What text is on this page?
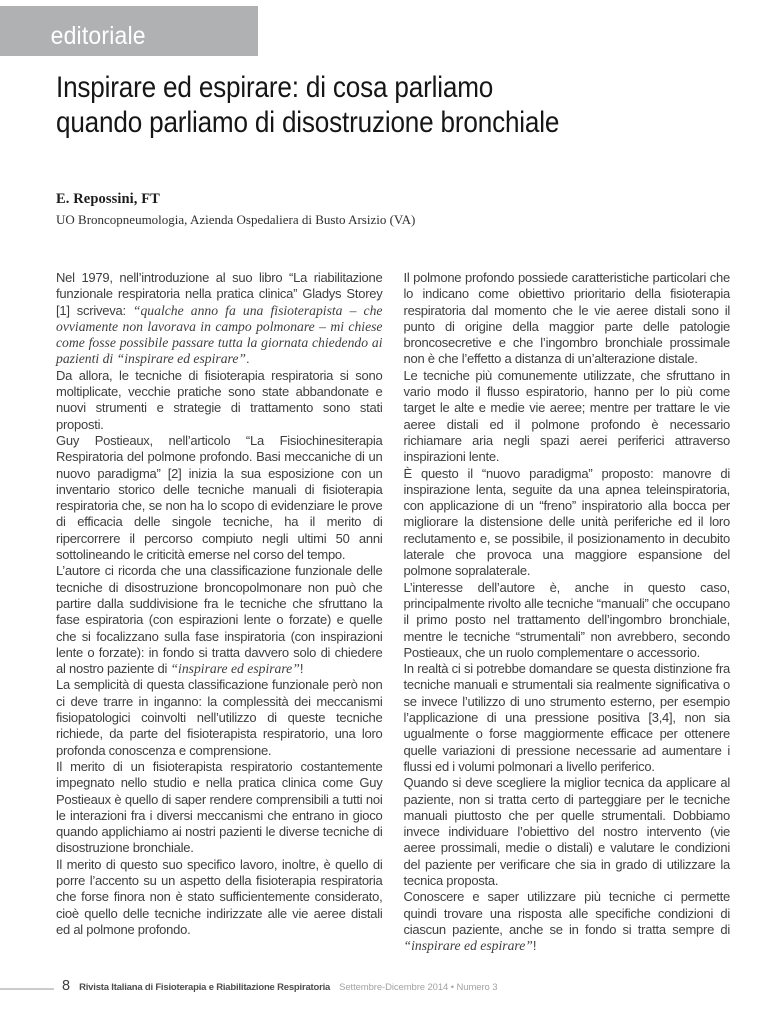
editoriale
Inspirare ed espirare: di cosa parliamo
quando parliamo di disostruzione bronchiale
E. Repossini, FT
UO Broncopneumologia, Azienda Ospedaliera di Busto Arsizio (VA)

Nel 1979, nell’introduzione al suo libro “La riabilitazione funzionale respiratoria nella pratica clinica” Gladys Storey [1] scriveva: “qualche anno fa una fisioterapista – che ovviamente non lavorava in campo polmonare – mi chiese come fosse possibile passare tutta la giornata chiedendo ai pazienti di “inspirare ed espirare”.

Da allora, le tecniche di fisioterapia respiratoria si sono moltiplicate, vecchie pratiche sono state abbandonate e nuovi strumenti e strategie di trattamento sono stati proposti.

Guy Postieaux, nell’articolo “La Fisiochinesiterapia Respiratoria del polmone profondo. Basi meccaniche di un nuovo paradigma” [2] inizia la sua esposizione con un inventario storico delle tecniche manuali di fisioterapia respiratoria che, se non ha lo scopo di evidenziare le prove di efficacia delle singole tecniche, ha il merito di ripercorrere il percorso compiuto negli ultimi 50 anni sottolineando le criticità emerse nel corso del tempo.

L’autore ci ricorda che una classificazione funzionale delle tecniche di disostruzione broncopolmonare non può che partire dalla suddivisione fra le tecniche che sfruttano la fase espiratoria (con espirazioni lente o forzate) e quelle che si focalizzano sulla fase inspiratoria (con inspirazioni lente o forzate): in fondo si tratta davvero solo di chiedere al nostro paziente di “inspirare ed espirare”!

La semplicità di questa classificazione funzionale però non ci deve trarre in inganno: la complessità dei meccanismi fisiopatologici coinvolti nell’utilizzo di queste tecniche richiede, da parte del fisioterapista respiratorio, una loro profonda conoscenza e comprensione.

Il merito di un fisioterapista respiratorio costantemente impegnato nello studio e nella pratica clinica come Guy Postieaux è quello di saper rendere comprensibili a tutti noi le interazioni fra i diversi meccanismi che entrano in gioco quando applichiamo ai nostri pazienti le diverse tecniche di disostruzione bronchiale.

Il merito di questo suo specifico lavoro, inoltre, è quello di porre l’accento su un aspetto della fisioterapia respiratoria che forse finora non è stato sufficientemente considerato, cioè quello delle tecniche indirizzate alle vie aeree distali ed al polmone profondo.

Il polmone profondo possiede caratteristiche particolari che lo indicano come obiettivo prioritario della fisioterapia respiratoria dal momento che le vie aeree distali sono il punto di origine della maggior parte delle patologie broncosecretive e che l’ingombro bronchiale prossimale non è che l’effetto a distanza di un’alterazione distale.

Le tecniche più comunemente utilizzate, che sfruttano in vario modo il flusso espiratorio, hanno per lo più come target le alte e medie vie aeree; mentre per trattare le vie aeree distali ed il polmone profondo è necessario richiamare aria negli spazi aerei periferici attraverso inspirazioni lente.

È questo il “nuovo paradigma” proposto: manovre di inspirazione lenta, seguite da una apnea teleinspiratoria, con applicazione di un “freno” inspiratorio alla bocca per migliorare la distensione delle unità periferiche ed il loro reclutamento e, se possibile, il posizionamento in decubito laterale che provoca una maggiore espansione del polmone sopralaterale.

L’interesse dell’autore è, anche in questo caso, principalmente rivolto alle tecniche “manuali” che occupano il primo posto nel trattamento dell’ingombro bronchiale, mentre le tecniche “strumentali” non avrebbero, secondo Postieaux, che un ruolo complementare o accessorio.

In realtà ci si potrebbe domandare se questa distinzione fra tecniche manuali e strumentali sia realmente significativa o se invece l’utilizzo di uno strumento esterno, per esempio l’applicazione di una pressione positiva [3,4], non sia ugualmente o forse maggiormente efficace per ottenere quelle variazioni di pressione necessarie ad aumentare i flussi ed i volumi polmonari a livello periferico.

Quando si deve scegliere la miglior tecnica da applicare al paziente, non si tratta certo di parteggiare per le tecniche manuali piuttosto che per quelle strumentali. Dobbiamo invece individuare l’obiettivo del nostro intervento (vie aeree prossimali, medie o distali) e valutare le condizioni del paziente per verificare che sia in grado di utilizzare la tecnica proposta.

Conoscere e saper utilizzare più tecniche ci permette quindi trovare una risposta alle specifiche condizioni di ciascun paziente, anche se in fondo si tratta sempre di “inspirare ed espirare”!

8 Rivista Italiana di Fisioterapia e Riabilitazione Respiratoria Settembre-Dicembre 2014 • Numero 3
